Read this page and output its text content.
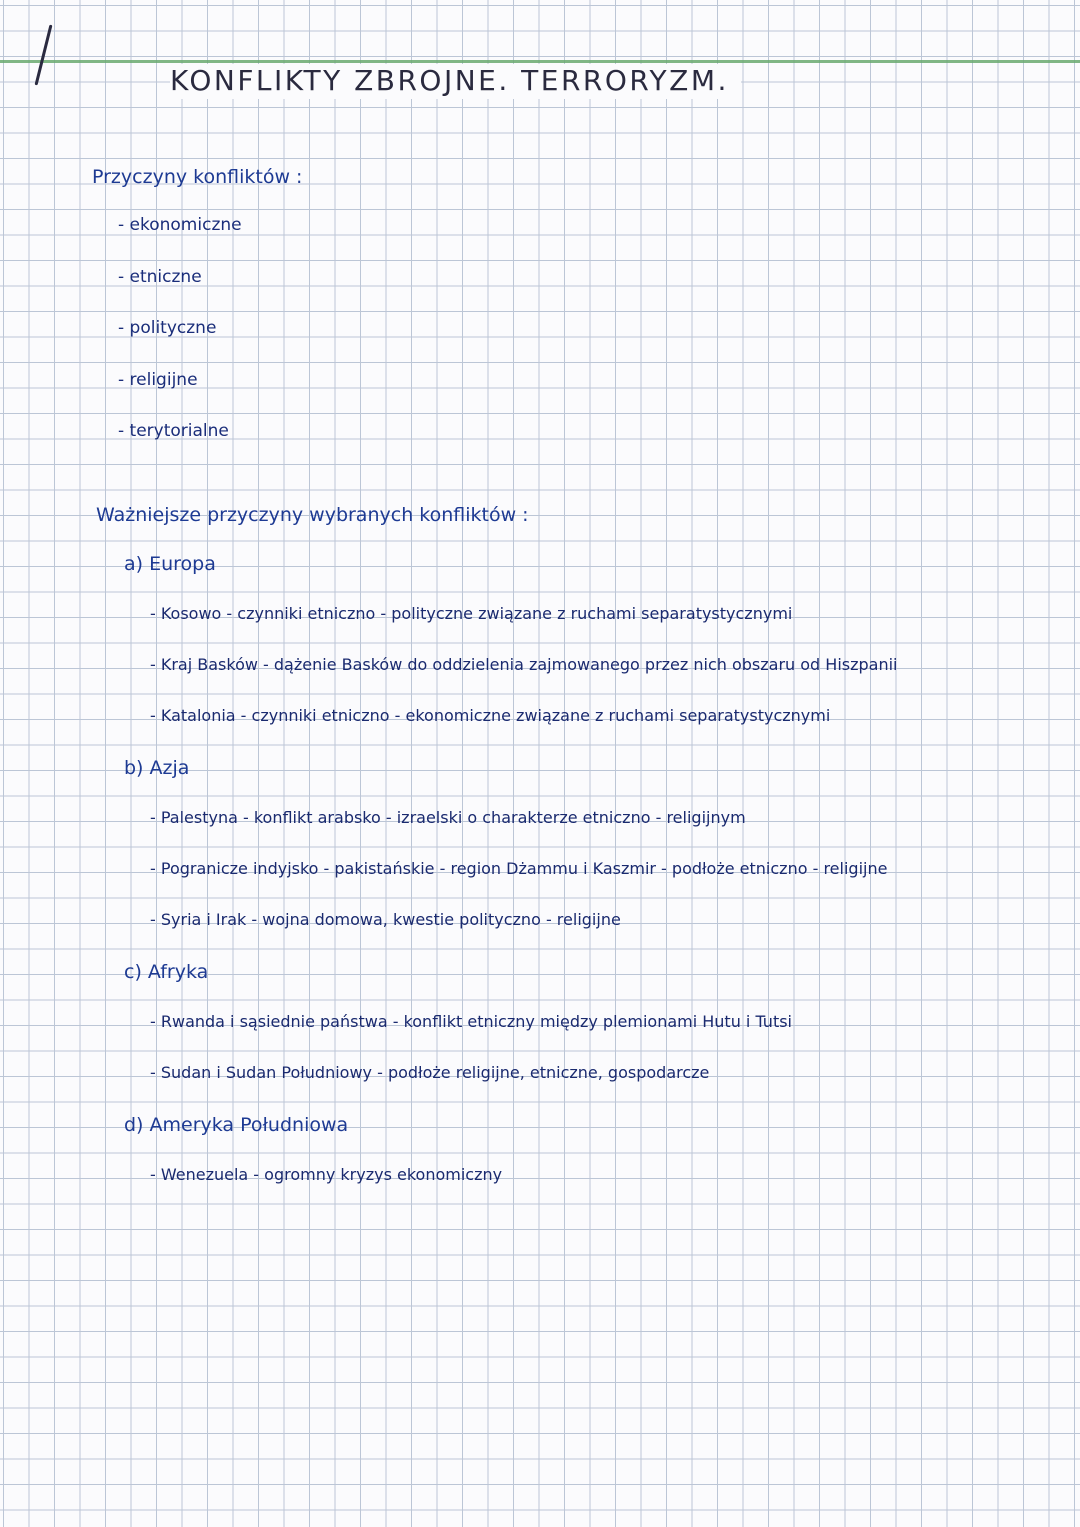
KONFLIKTY ZBROJNE. TERRORYZM.
Przyczyny konfliktów :
- ekonomiczne
- etniczne
- polityczne
- religijne
- terytorialne
Ważniejsze przyczyny wybranych konfliktów :
a) Europa
- Kosowo - czynniki etniczno - polityczne związane z ruchami separatystycznymi
- Kraj Basków - dążenie Basków do oddzielenia zajmowanego przez nich obszaru od Hiszpanii
- Katalonia - czynniki etniczno - ekonomiczne związane z ruchami separatystycznymi
b) Azja
- Palestyna - konflikt arabsko - izraelski o charakterze etniczno - religijnym
- Pogranicze indyjsko - pakistańskie - region Dżammu i Kaszmir - podłoże etniczno - religijne
- Syria i Irak - wojna domowa, kwestie polityczno - religijne
c) Afryka
- Rwanda i sąsiednie państwa - konflikt etniczny między plemionami Hutu i Tutsi
- Sudan i Sudan Południowy - podłoże religijne, etniczne, gospodarcze
d) Ameryka Południowa
- Wenezuela - ogromny kryzys ekonomiczny
